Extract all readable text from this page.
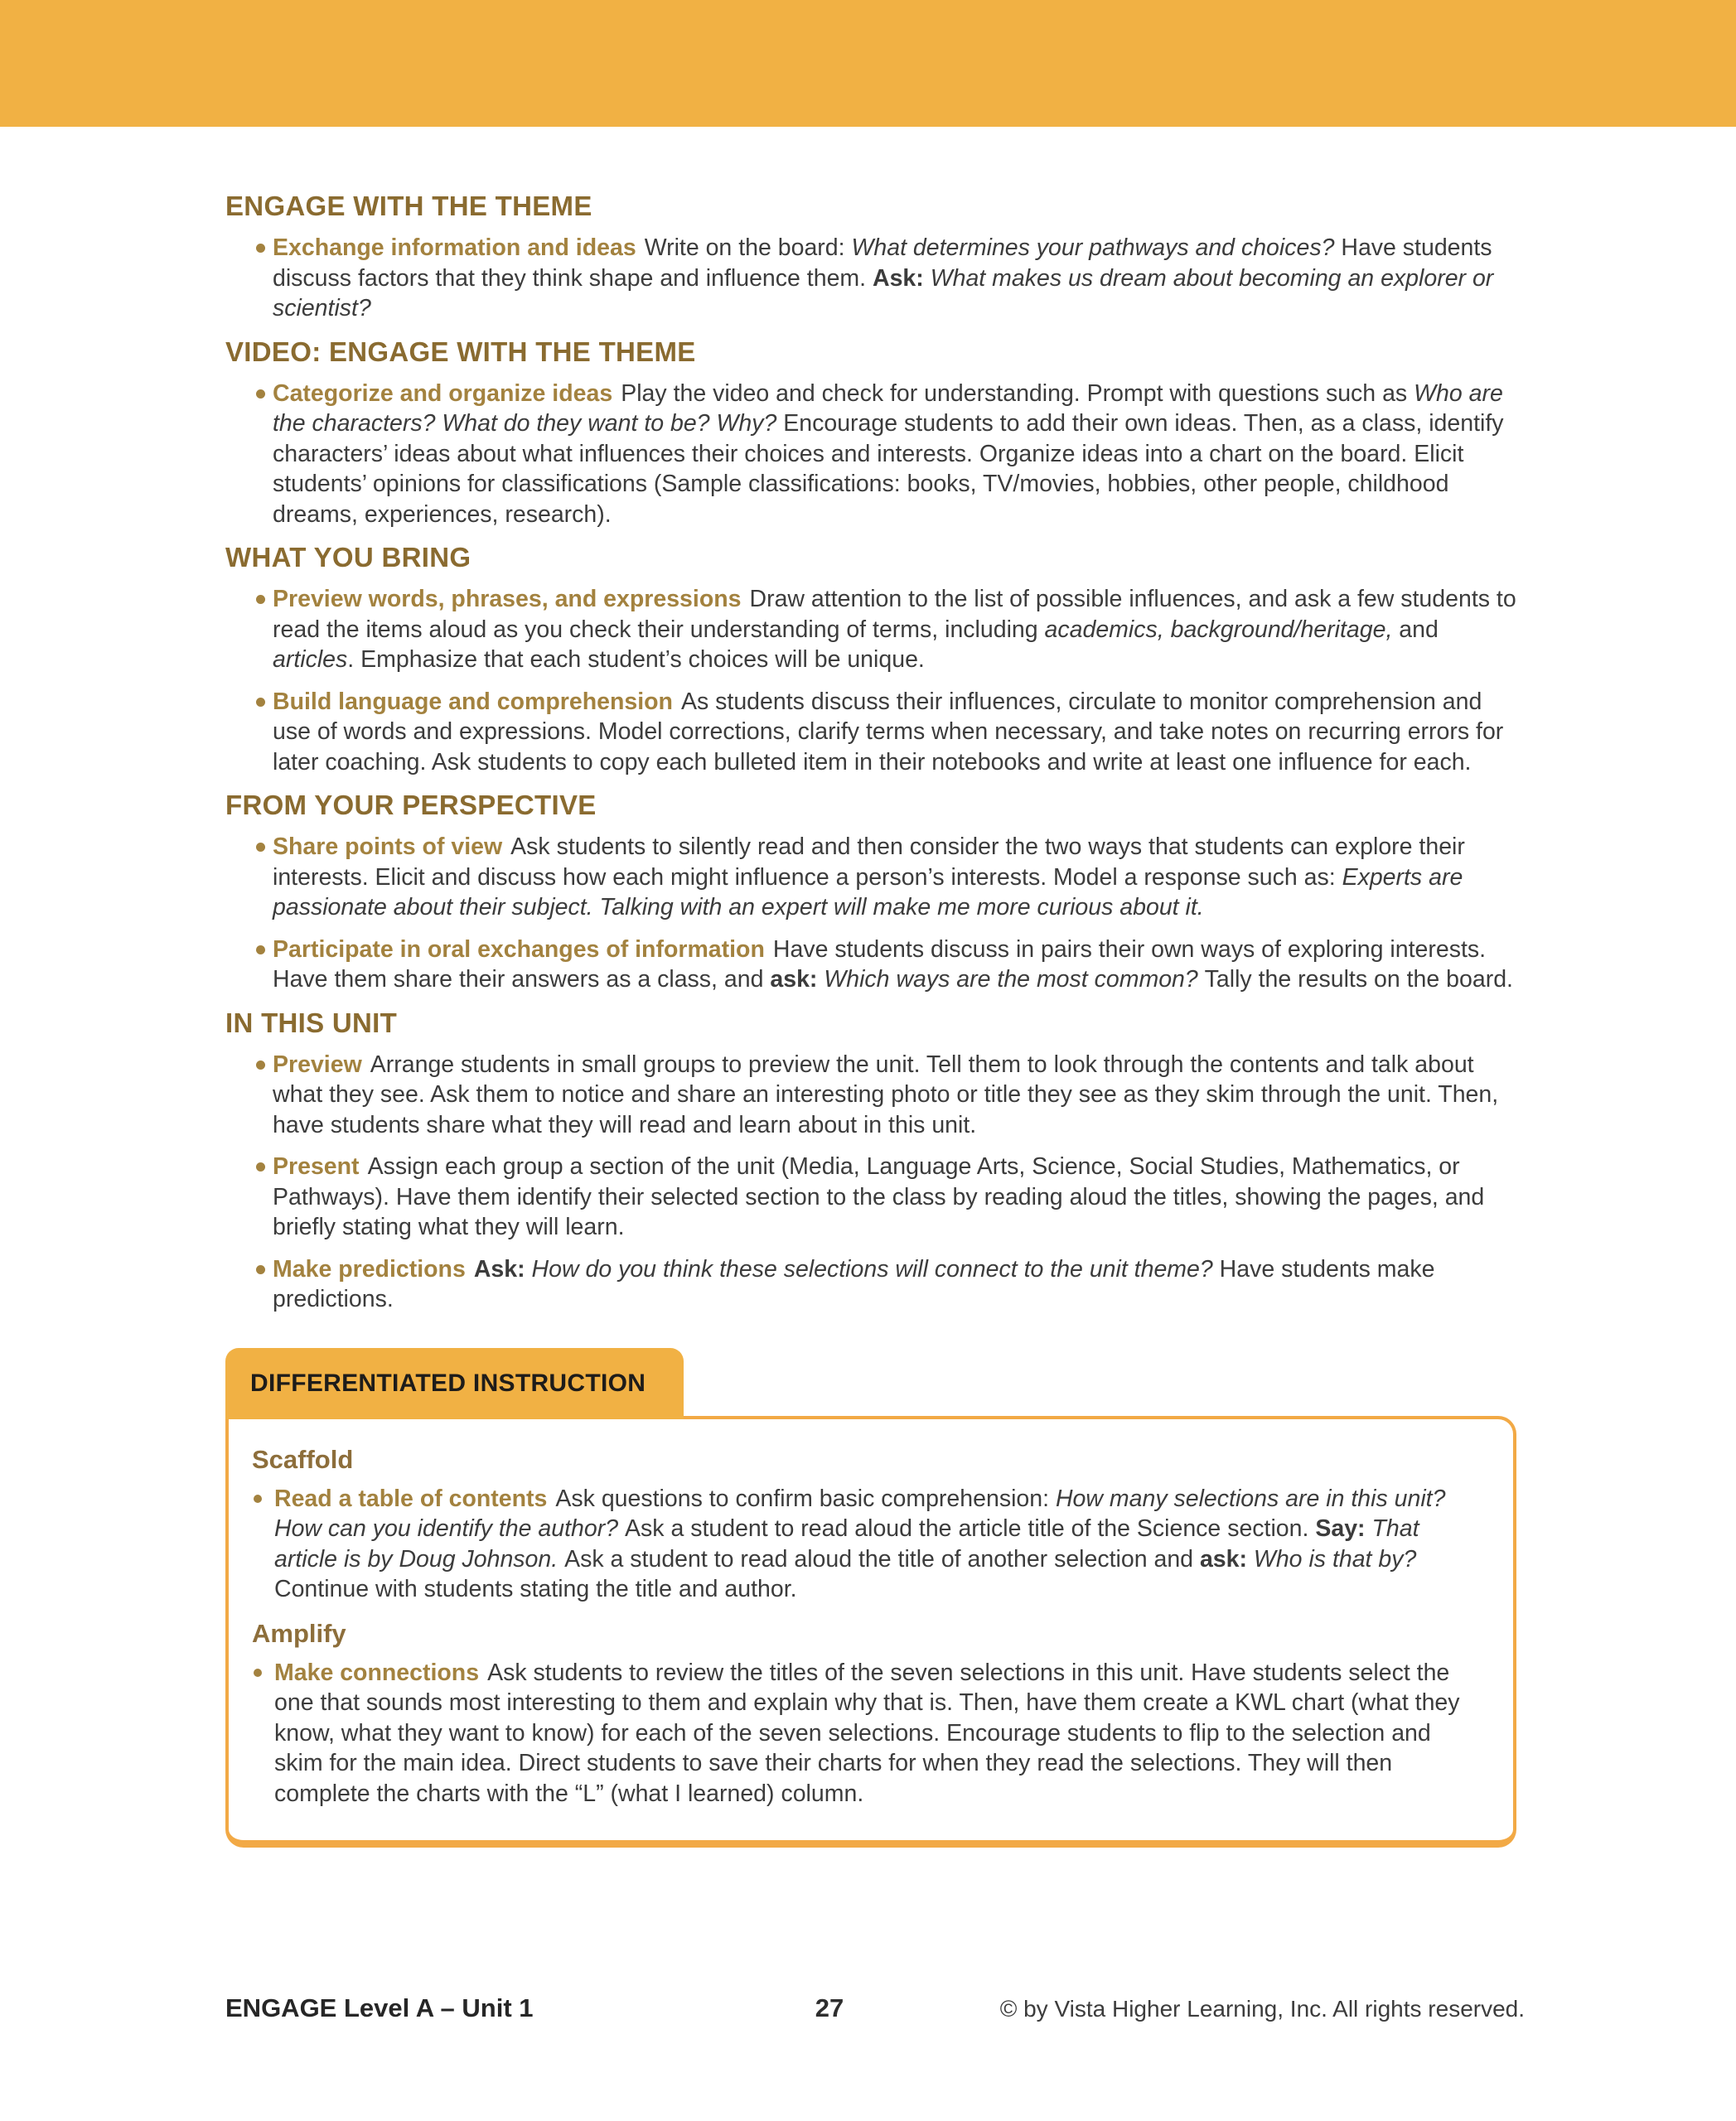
ENGAGE WITH THE THEME
Exchange information and ideas Write on the board: What determines your pathways and choices? Have students discuss factors that they think shape and influence them. Ask: What makes us dream about becoming an explorer or scientist?
VIDEO: ENGAGE WITH THE THEME
Categorize and organize ideas Play the video and check for understanding. Prompt with questions such as Who are the characters? What do they want to be? Why? Encourage students to add their own ideas. Then, as a class, identify characters’ ideas about what influences their choices and interests. Organize ideas into a chart on the board. Elicit students’ opinions for classifications (Sample classifications: books, TV/movies, hobbies, other people, childhood dreams, experiences, research).
WHAT YOU BRING
Preview words, phrases, and expressions Draw attention to the list of possible influences, and ask a few students to read the items aloud as you check their understanding of terms, including academics, background/heritage, and articles. Emphasize that each student’s choices will be unique.
Build language and comprehension As students discuss their influences, circulate to monitor comprehension and use of words and expressions. Model corrections, clarify terms when necessary, and take notes on recurring errors for later coaching. Ask students to copy each bulleted item in their notebooks and write at least one influence for each.
FROM YOUR PERSPECTIVE
Share points of view Ask students to silently read and then consider the two ways that students can explore their interests. Elicit and discuss how each might influence a person’s interests. Model a response such as: Experts are passionate about their subject. Talking with an expert will make me more curious about it.
Participate in oral exchanges of information Have students discuss in pairs their own ways of exploring interests. Have them share their answers as a class, and ask: Which ways are the most common? Tally the results on the board.
IN THIS UNIT
Preview Arrange students in small groups to preview the unit. Tell them to look through the contents and talk about what they see. Ask them to notice and share an interesting photo or title they see as they skim through the unit. Then, have students share what they will read and learn about in this unit.
Present Assign each group a section of the unit (Media, Language Arts, Science, Social Studies, Mathematics, or Pathways). Have them identify their selected section to the class by reading aloud the titles, showing the pages, and briefly stating what they will learn.
Make predictions Ask: How do you think these selections will connect to the unit theme? Have students make predictions.
DIFFERENTIATED INSTRUCTION
Scaffold
Read a table of contents Ask questions to confirm basic comprehension: How many selections are in this unit? How can you identify the author? Ask a student to read aloud the article title of the Science section. Say: That article is by Doug Johnson. Ask a student to read aloud the title of another selection and ask: Who is that by? Continue with students stating the title and author.
Amplify
Make connections Ask students to review the titles of the seven selections in this unit. Have students select the one that sounds most interesting to them and explain why that is. Then, have them create a KWL chart (what they know, what they want to know) for each of the seven selections. Encourage students to flip to the selection and skim for the main idea. Direct students to save their charts for when they read the selections. They will then complete the charts with the “L” (what I learned) column.
ENGAGE Level A – Unit 1	27	© by Vista Higher Learning, Inc. All rights reserved.
